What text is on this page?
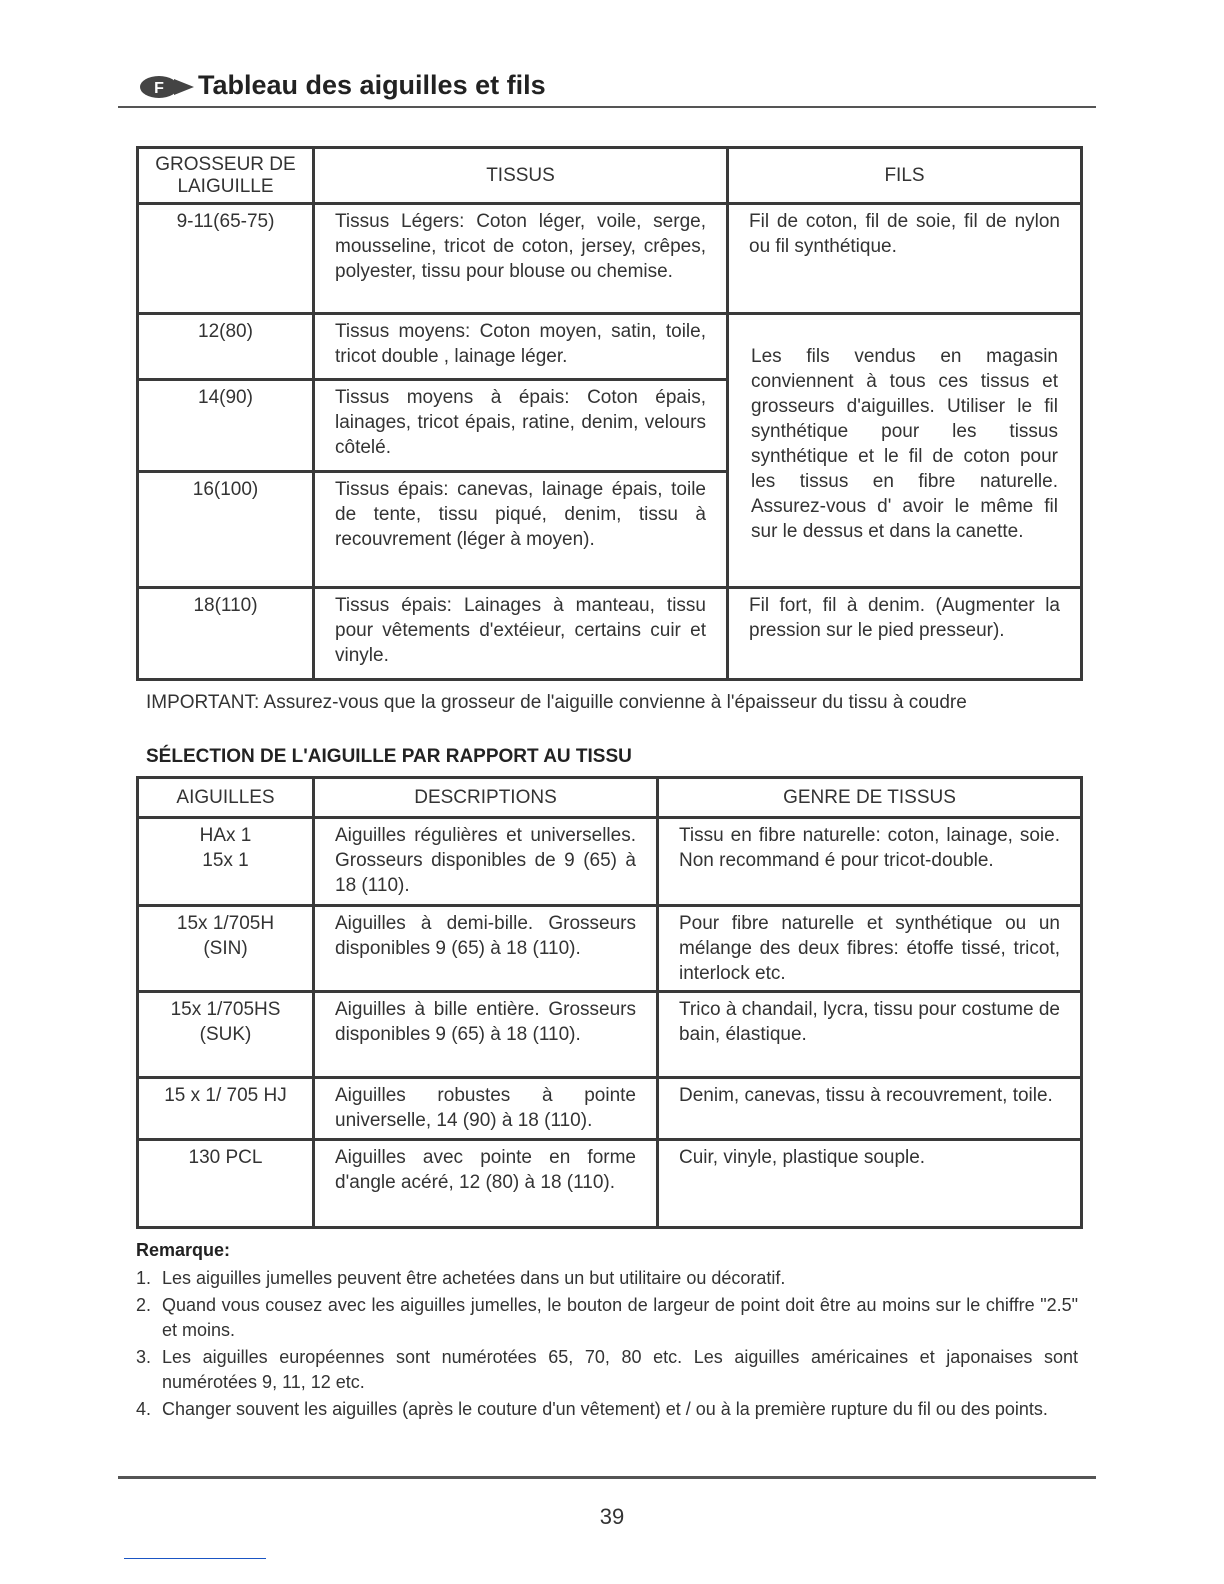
F Tableau des aiguilles et fils
GROSSEUR DE
LAIGUILLE	TISSUS	FILS
9-11(65-75)	Tissus Légers: Coton léger, voile, serge, mousseline, tricot de coton, jersey, crêpes, polyester, tissu pour blouse ou chemise.	Fil de coton, fil de soie, fil de nylon ou fil synthétique.
12(80)	Tissus moyens: Coton moyen, satin, toile, tricot double , lainage léger.	Les fils vendus en magasin conviennent à tous ces tissus et grosseurs d'aiguilles. Utiliser le fil synthétique pour les tissus synthétique et le fil de coton pour les tissus en fibre naturelle. Assurez-vous d' avoir le même fil sur le dessus et dans la canette.
14(90)	Tissus moyens à épais: Coton épais, lainages, tricot épais, ratine, denim, velours côtelé.	
16(100)	Tissus épais: canevas, lainage épais, toile de tente, tissu piqué, denim, tissu à recouvrement (léger à moyen).	
18(110)	Tissus épais: Lainages à manteau, tissu pour vêtements d'extéieur, certains cuir et vinyle.	Fil fort, fil à denim. (Augmenter la pression sur le pied presseur).
IMPORTANT: Assurez-vous que la grosseur de l'aiguille convienne à l'épaisseur du tissu à coudre
SÉLECTION DE L'AIGUILLE PAR RAPPORT AU TISSU
AIGUILLES	DESCRIPTIONS	GENRE DE TISSUS
HAx 1
15x 1	Aiguilles régulières et universelles. Grosseurs disponibles de 9 (65) à 18 (110).	Tissu en fibre naturelle: coton, lainage, soie. Non recommand é pour tricot-double.
15x 1/705H
(SIN)	Aiguilles à demi-bille. Grosseurs disponibles 9 (65) à 18 (110).	Pour fibre naturelle et synthétique ou un mélange des deux fibres: étoffe tissé, tricot, interlock etc.
15x 1/705HS
(SUK)	Aiguilles à bille entière. Grosseurs disponibles 9 (65) à 18 (110).	Trico à chandail, lycra, tissu pour costume de bain, élastique.
15 x 1/ 705 HJ	Aiguilles robustes à pointe universelle, 14 (90) à 18 (110).	Denim, canevas, tissu à recouvrement, toile.
130 PCL	Aiguilles avec pointe en forme d'angle acéré, 12 (80) à 18 (110).	Cuir, vinyle, plastique souple.
Remarque:
1. Les aiguilles jumelles peuvent être achetées dans un but utilitaire ou décoratif.
2. Quand vous cousez avec les aiguilles jumelles, le bouton de largeur de point doit être au moins sur le chiffre "2.5" et moins.
3. Les aiguilles européennes sont numérotées 65, 70, 80 etc. Les aiguilles américaines et japonaises sont numérotées 9, 11, 12 etc.
4. Changer souvent les aiguilles (après le couture d'un vêtement) et / ou à la première rupture du fil ou des points.
39
